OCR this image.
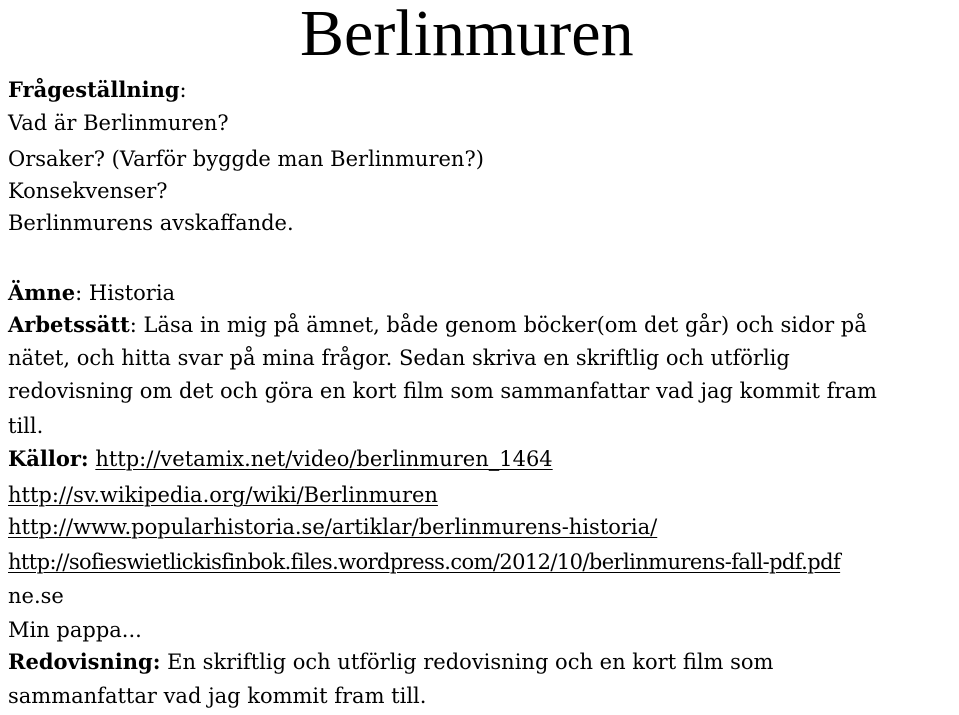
Berlinmuren
Frågeställning:
Vad är Berlinmuren?
Orsaker? (Varför byggde man Berlinmuren?)
Konsekvenser?
Berlinmurens avskaffande.
Ämne: Historia
Arbetssätt: Läsa in mig på ämnet, både genom böcker(om det går) och sidor på
nätet, och hitta svar på mina frågor. Sedan skriva en skriftlig och utförlig
redovisning om det och göra en kort film som sammanfattar vad jag kommit fram
till.
Källor: http://vetamix.net/video/berlinmuren_1464
http://sv.wikipedia.org/wiki/Berlinmuren
http://www.popularhistoria.se/artiklar/berlinmurens-historia/
http://sofieswietlickisfinbok.files.wordpress.com/2012/10/berlinmurens-fall-pdf.pdf
ne.se
Min pappa...
Redovisning: En skriftlig och utförlig redovisning och en kort film som
sammanfattar vad jag kommit fram till.
